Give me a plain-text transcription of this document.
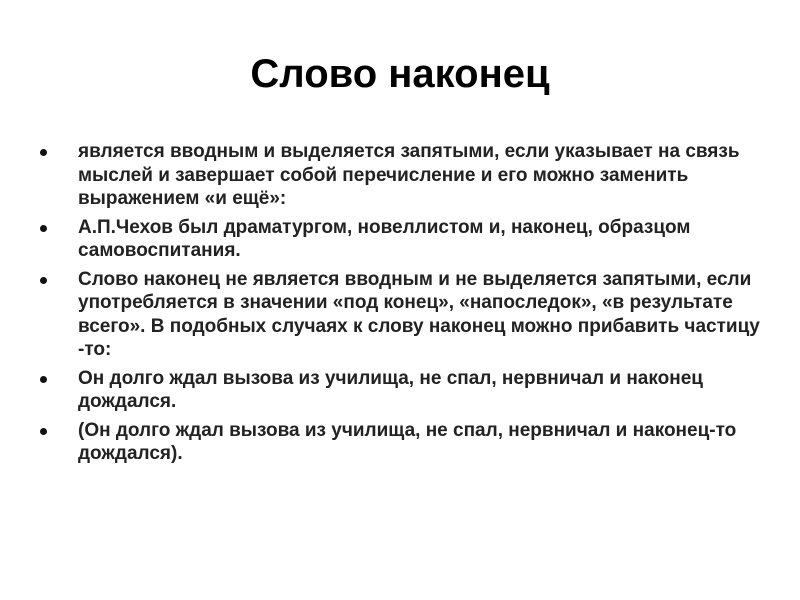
Слово наконец
является вводным и выделяется запятыми, если указывает на связь мыслей и завершает собой перечисление и его можно заменить выражением «и ещё»:
А.П.Чехов был драматургом, новеллистом и, наконец, образцом самовоспитания.
Слово наконец не является вводным и не выделяется запятыми, если употребляется в значении «под конец», «напоследок», «в результате всего». В подобных случаях к слову наконец можно прибавить частицу -то:
Он долго ждал вызова из училища, не спал, нервничал и наконец дождался.
(Он долго ждал вызова из училища, не спал, нервничал и наконец-то дождался).
